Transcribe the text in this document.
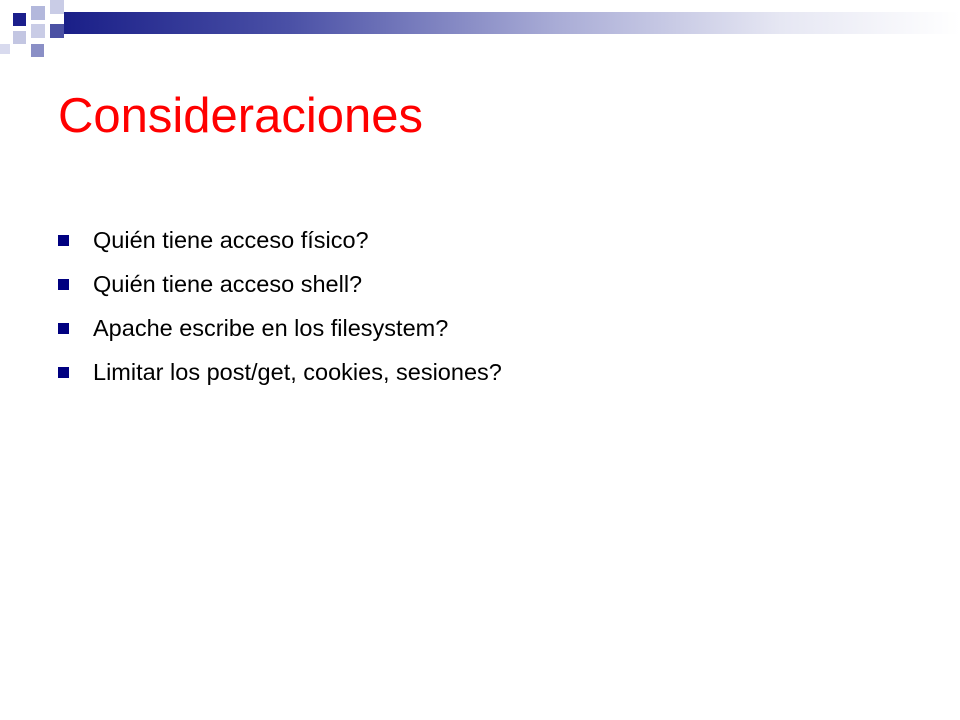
Consideraciones
Quién tiene acceso físico?
Quién tiene acceso shell?
Apache escribe en los filesystem?
Limitar los post/get, cookies, sesiones?
